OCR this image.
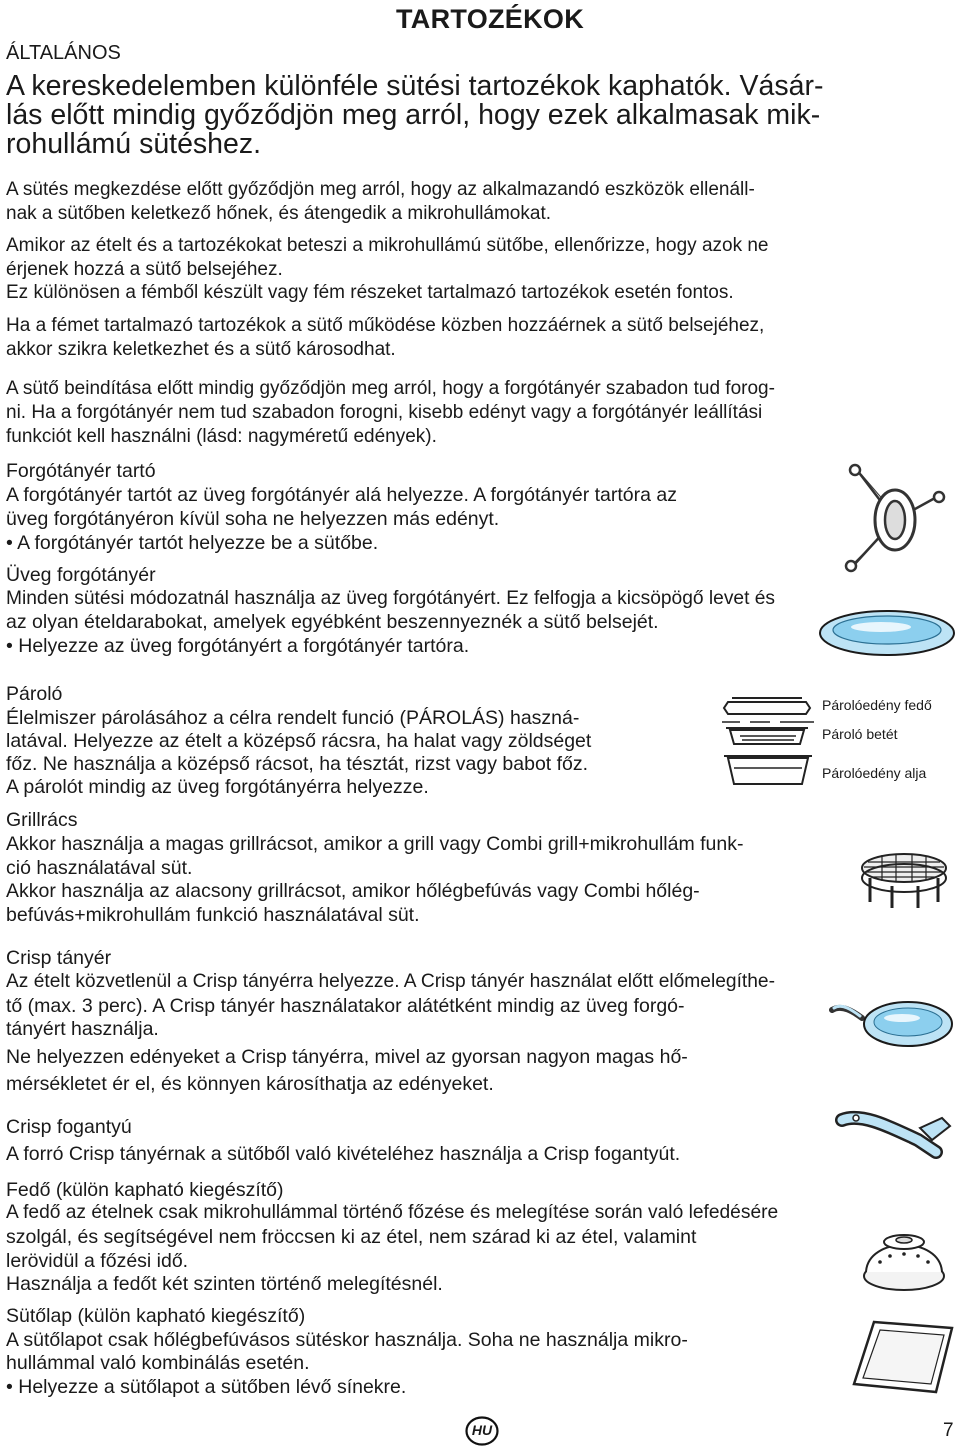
TARTOZÉKOK
ÁLTALÁNOS
A kereskedelemben különféle sütési tartozékok kaphatók. Vásár-
lás előtt mindig győződjön meg arról, hogy ezek alkalmasak mik-
rohullámú sütéshez.
A sütés megkezdése előtt győződjön meg arról, hogy az alkalmazandó eszközök ellenáll-
nak a sütőben keletkező hőnek, és átengedik a mikrohullámokat.
Amikor az ételt és a tartozékokat beteszi a mikrohullámú sütőbe, ellenőrizze, hogy azok ne
érjenek hozzá a sütő belsejéhez.
Ez különösen a fémből készült vagy fém részeket tartalmazó tartozékok esetén fontos.
Ha a fémet tartalmazó tartozékok a sütő működése közben hozzáérnek a sütő belsejéhez,
akkor szikra keletkezhet és a sütő károsodhat.
A sütő beindítása előtt mindig győződjön meg arról, hogy a forgótányér szabadon tud forog-
ni. Ha a forgótányér nem tud szabadon forogni, kisebb edényt vagy a forgótányér leállítási
funkciót kell használni (lásd: nagyméretű edények).
Forgótányér tartó
A forgótányér tartót az üveg forgótányér alá helyezze. A forgótányér tartóra az
üveg forgótányéron kívül soha ne helyezzen más edényt.
• A forgótányér tartót helyezze be a sütőbe.
Üveg forgótányér
Minden sütési módozatnál használja az üveg forgótányért. Ez felfogja a kicsöpögő levet és
az olyan ételdarabokat, amelyek egyébként beszennyeznék a sütő belsejét.
• Helyezze az üveg forgótányért a forgótányér tartóra.
Pároló
Élelmiszer párolásához a célra rendelt funció (PÁROLÁS) haszná-
latával. Helyezze az ételt a középső rácsra, ha halat vagy zöldséget
főz. Ne használja a középső rácsot, ha tésztát, rizst vagy babot főz.
A párolót mindig az üveg forgótányérra helyezze.
Párolóedény fedő
Pároló betét
Párolóedény alja
Grillrács
Akkor használja a magas grillrácsot, amikor a grill vagy Combi grill+mikrohullám funk-
ció használatával süt.
Akkor használja az alacsony grillrácsot, amikor hőlégbefúvás vagy Combi hőlég-
befúvás+mikrohullám funkció használatával süt.
Crisp tányér
Az ételt közvetlenül a Crisp tányérra helyezze. A Crisp tányér használat előtt előmelegíthe-
tő (max. 3 perc). A Crisp tányér használatakor alátétként mindig az üveg forgó-
tányért használja.
Ne helyezzen edényeket a Crisp tányérra, mivel az gyorsan nagyon magas hő-
mérsékletet ér el, és könnyen károsíthatja az edényeket.
Crisp fogantyú
A forró Crisp tányérnak a sütőből való kivételéhez használja a Crisp fogantyút.
Fedő (külön kapható kiegészítő)
A fedő az ételnek csak mikrohullámmal történő főzése és melegítése során való lefedésére
szolgál, és segítségével nem fröccsen ki az étel, nem szárad ki az étel, valamint
lerövidül a főzési idő.
Használja a fedőt két szinten történő melegítésnél.
Sütőlap (külön kapható kiegészítő)
A sütőlapot csak hőlégbefúvásos sütéskor használja. Soha ne használja mikro-
hullámmal való kombinálás esetén.
• Helyezze a sütőlapot a sütőben lévő sínekre.
HU	7
